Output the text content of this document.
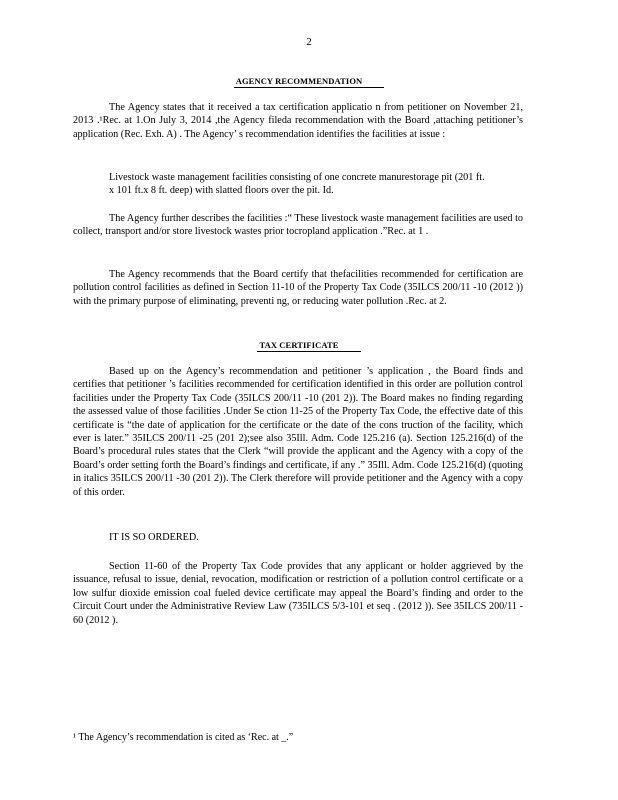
2
AGENCY RECOMMENDATION
The Agency states that it received a tax certification applicatio n from petitioner on November 21, 2013 .¹Rec. at 1.On July 3, 2014 ,the Agency fileda recommendation with the Board ,attaching petitioner’s application (Rec. Exh. A) . The Agency’ s recommendation identifies the facilities at issue :
Livestock waste management facilities consisting of one concrete manurestorage pit (201 ft. x 101 ft.x 8 ft. deep) with slatted floors over the pit. Id.
The Agency further describes the facilities :“ These livestock waste management facilities are used to collect, transport and/or store livestock wastes prior tocropland application .”Rec. at 1 .
The Agency recommends that the Board certify that thefacilities recommended for certification are pollution control facilities as defined in Section 11-10 of the Property Tax Code (35ILCS 200/11 -10 (2012 )) with the primary purpose of eliminating, preventi ng, or reducing water pollution .Rec. at 2.
TAX CERTIFICATE
Based up on the Agency’s recommendation and petitioner ’s application , the Board finds and certifies that petitioner ’s facilities recommended for certification identified in this order are pollution control facilities under the Property Tax Code (35ILCS 200/11 -10 (201 2)). The Board makes no finding regarding the assessed value of those facilities .Under Se ction 11-25 of the Property Tax Code, the effective date of this certificate is “the date of application for the certificate or the date of the cons truction of the facility, which ever is later.” 35ILCS 200/11 -25 (201 2);see also 35Ill. Adm. Code 125.216 (a). Section 125.216(d) of the Board’s procedural rules states that the Clerk “will provide the applicant and the Agency with a copy of the Board’s order setting forth the Board’s findings and certificate, if any .” 35Ill. Adm. Code 125.216(d) (quoting in italics 35ILCS 200/11 -30 (201 2)). The Clerk therefore will provide petitioner and the Agency with a copy of this order.
IT IS SO ORDERED.
Section 11-60 of the Property Tax Code provides that any applicant or holder aggrieved by the issuance, refusal to issue, denial, revocation, modification or restriction of a pollution control certificate or a low sulfur dioxide emission coal fueled device certificate may appeal the Board’s finding and order to the Circuit Court under the Administrative Review Law (735ILCS 5/3-101 et seq . (2012 )). See 35ILCS 200/11 - 60 (2012 ).
¹ The Agency’s recommendation is cited as ‘Rec. at _.”
